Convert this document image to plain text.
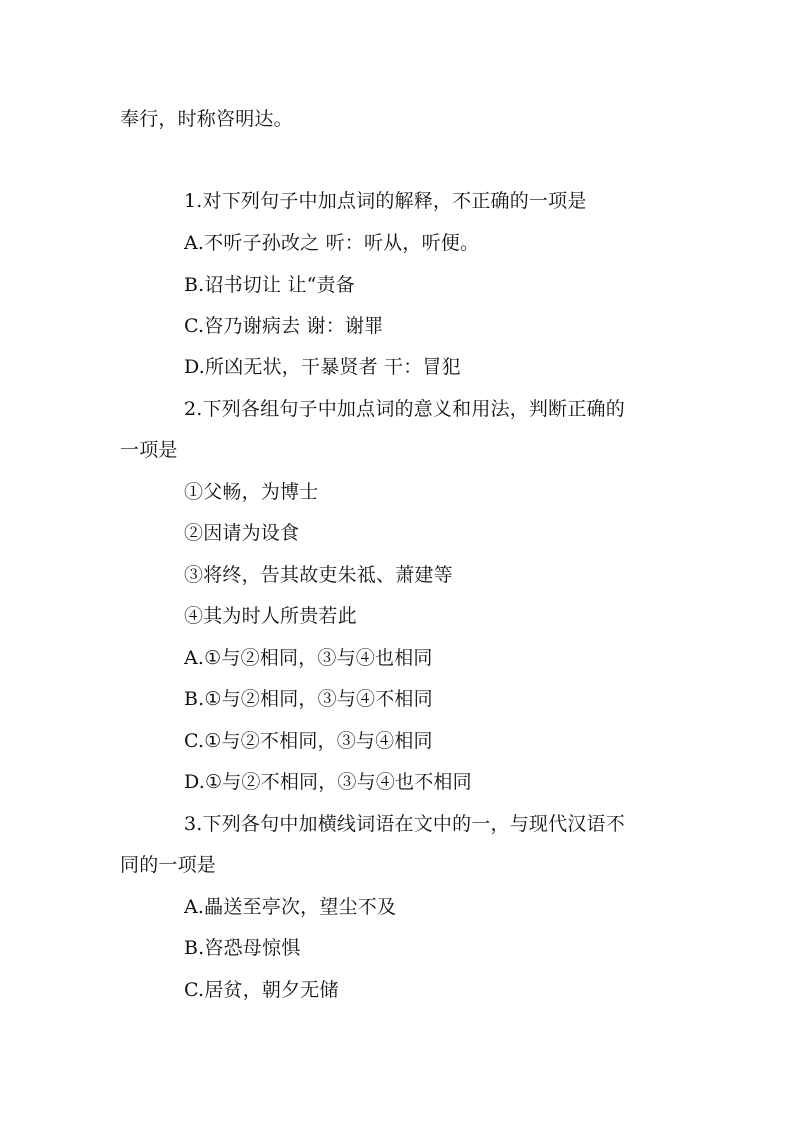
奉行，时称咨明达。
1.对下列句子中加点词的解释，不正确的一项是
A.不听子孙改之 听：听从，听便。
B.诏书切让 让“责备
C.咨乃谢病去 谢：谢罪
D.所凶无状，干暴贤者 干：冒犯
2.下列各组句子中加点词的意义和用法，判断正确的
一项是
①父畅，为博士
②因请为设食
③将终，告其故吏朱祗、萧建等
④其为时人所贵若此
A.①与②相同，③与④也相同
B.①与②相同，③与④不相同
C.①与②不相同，③与④相同
D.①与②不相同，③与④也不相同
3.下列各句中加横线词语在文中的一，与现代汉语不
同的一项是
A.畾送至亭次，望尘不及
B.咨恐母惊惧
C.居贫，朝夕无储
